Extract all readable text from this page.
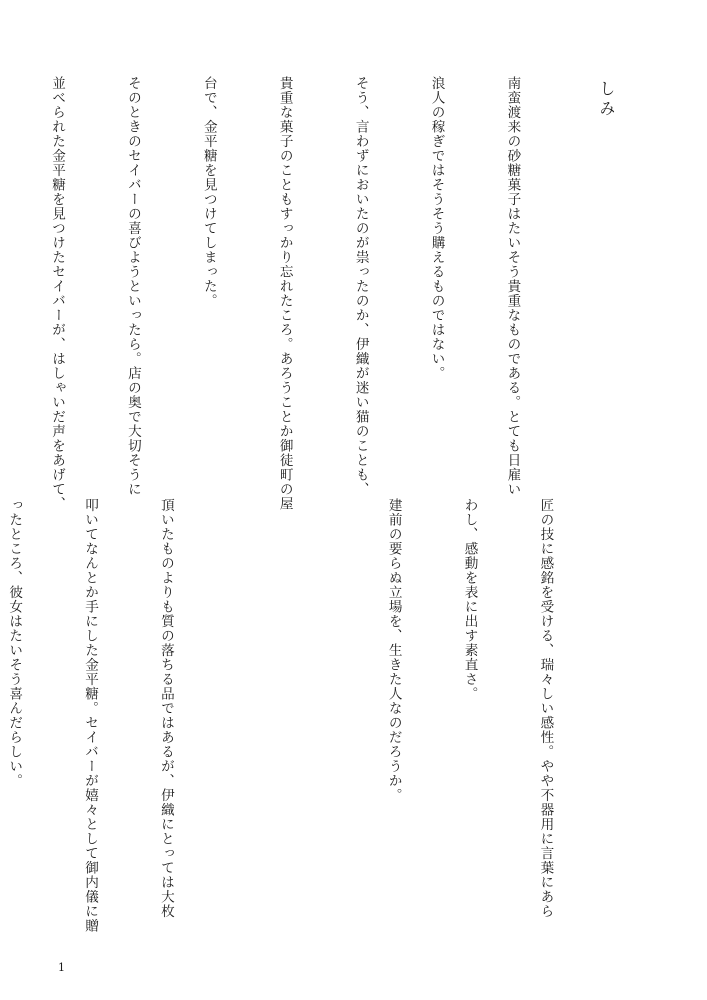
しみ

南蛮渡来の砂糖菓子はたいそう貴重なものである。とても日雇い

浪人の稼ぎではそうそう購えるものではない。

そう、言わずにおいたのが祟ったのか、伊織が迷い猫のことも、

貴重な菓子のこともすっかり忘れたころ。あろうことか御徒町の屋

台で、金平糖を見つけてしまった。

そのときのセイバーの喜びようといったら。店の奥で大切そうに

並べられた金平糖を見つけたセイバーが、はしゃいだ声をあげて、

匠の技に感銘を受ける、瑞々しい感性。やや不器用に言葉にあら

わし、感動を表に出す素直さ。

建前の要らぬ立場を、生きた人なのだろうか。

頂いたものよりも質の落ちる品ではあるが、伊織にとっては大枚

叩いてなんとか手にした金平糖。セイバーが嬉々として御内儀に贈

ったところ、彼女はたいそう喜んだらしい。

1
